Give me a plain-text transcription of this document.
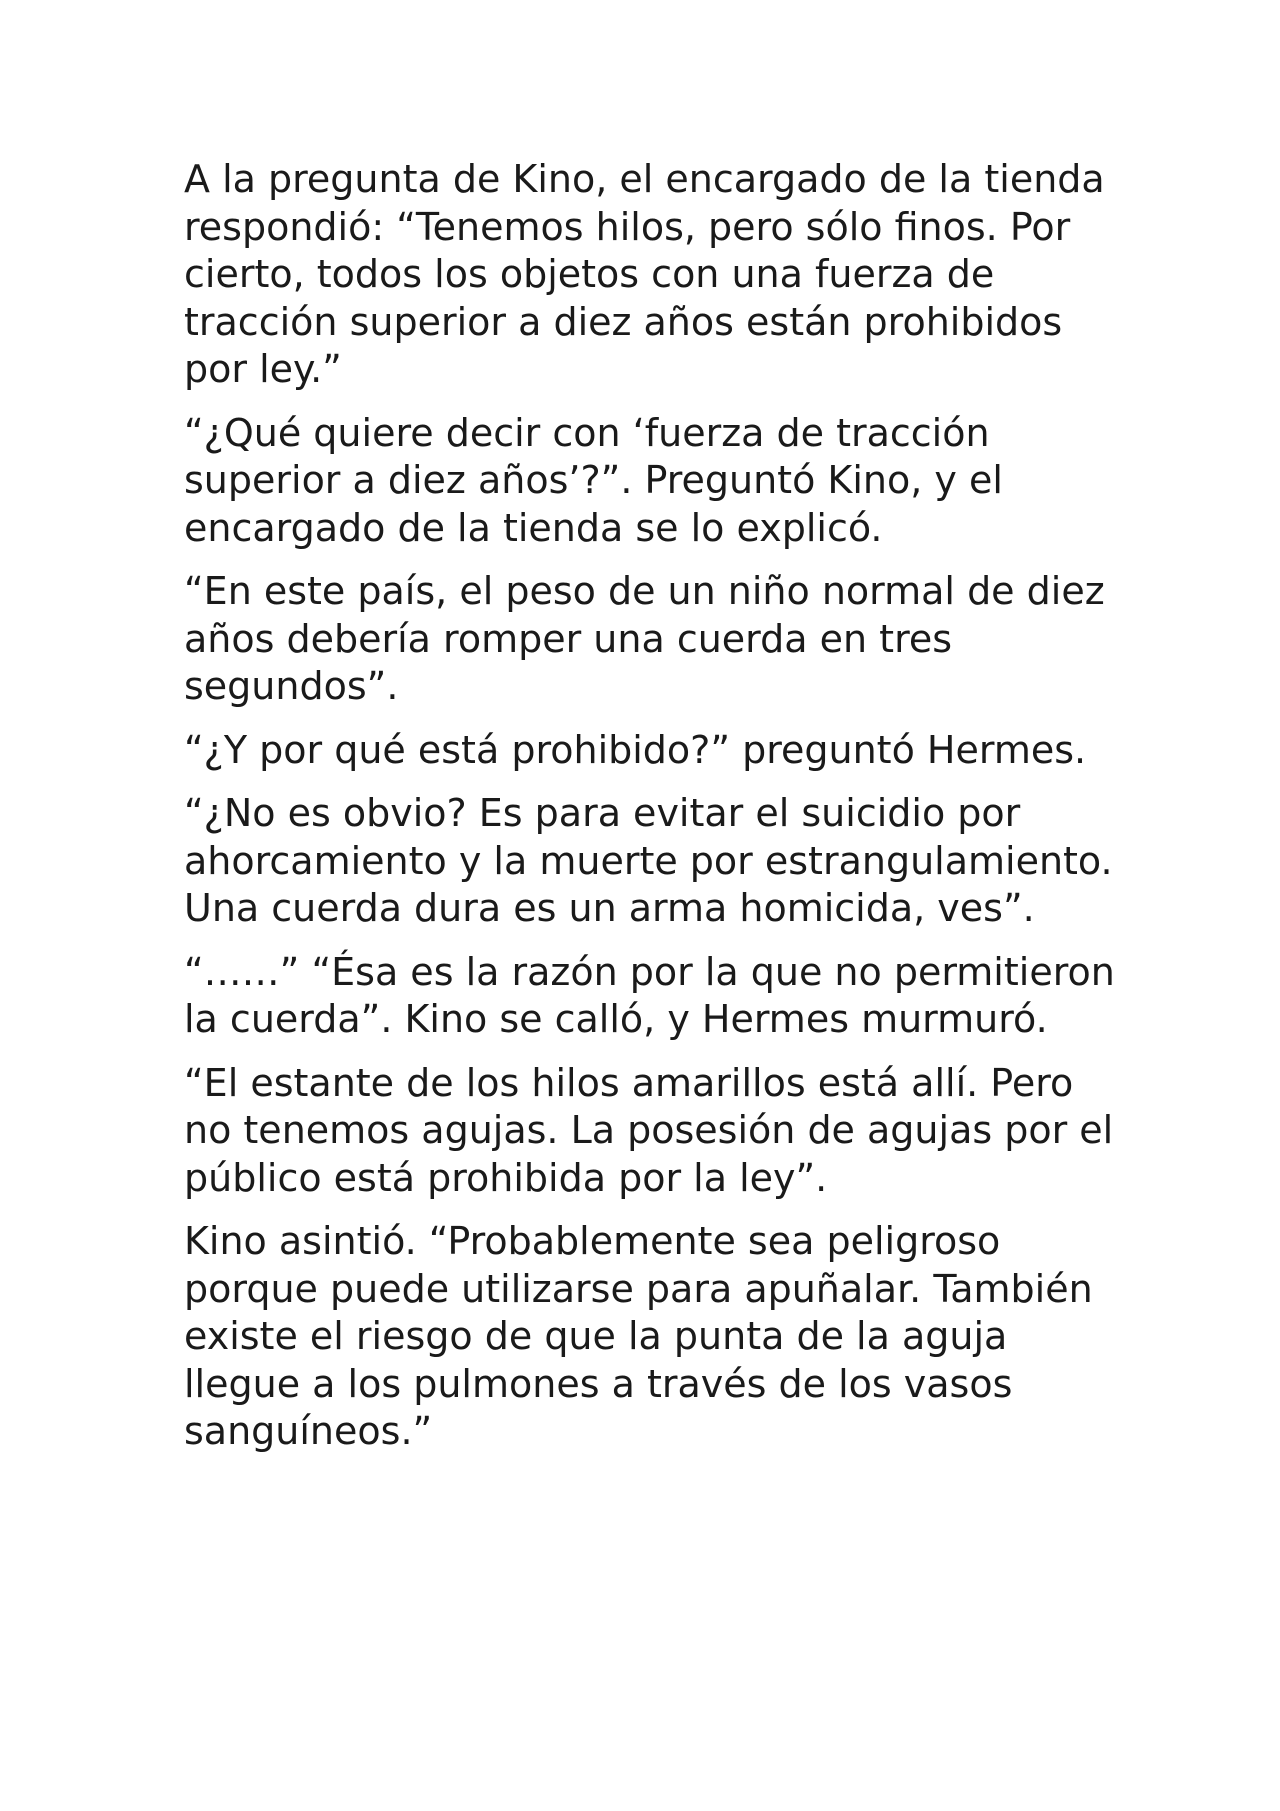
A la pregunta de Kino, el encargado de la tienda respondió: “Tenemos hilos, pero sólo finos. Por cierto, todos los objetos con una fuerza de tracción superior a diez años están prohibidos por ley.”

“¿Qué quiere decir con ‘fuerza de tracción superior a diez años’?”. Preguntó Kino, y el encargado de la tienda se lo explicó.

“En este país, el peso de un niño normal de diez años debería romper una cuerda en tres segundos”.

“¿Y por qué está prohibido?” preguntó Hermes.

“¿No es obvio? Es para evitar el suicidio por ahorcamiento y la muerte por estrangulamiento. Una cuerda dura es un arma homicida, ves”.

“……” “Ésa es la razón por la que no permitieron la cuerda”. Kino se calló, y Hermes murmuró.

“El estante de los hilos amarillos está allí. Pero no tenemos agujas. La posesión de agujas por el público está prohibida por la ley”.

Kino asintió. “Probablemente sea peligroso porque puede utilizarse para apuñalar. También existe el riesgo de que la punta de la aguja llegue a los pulmones a través de los vasos sanguíneos.”
